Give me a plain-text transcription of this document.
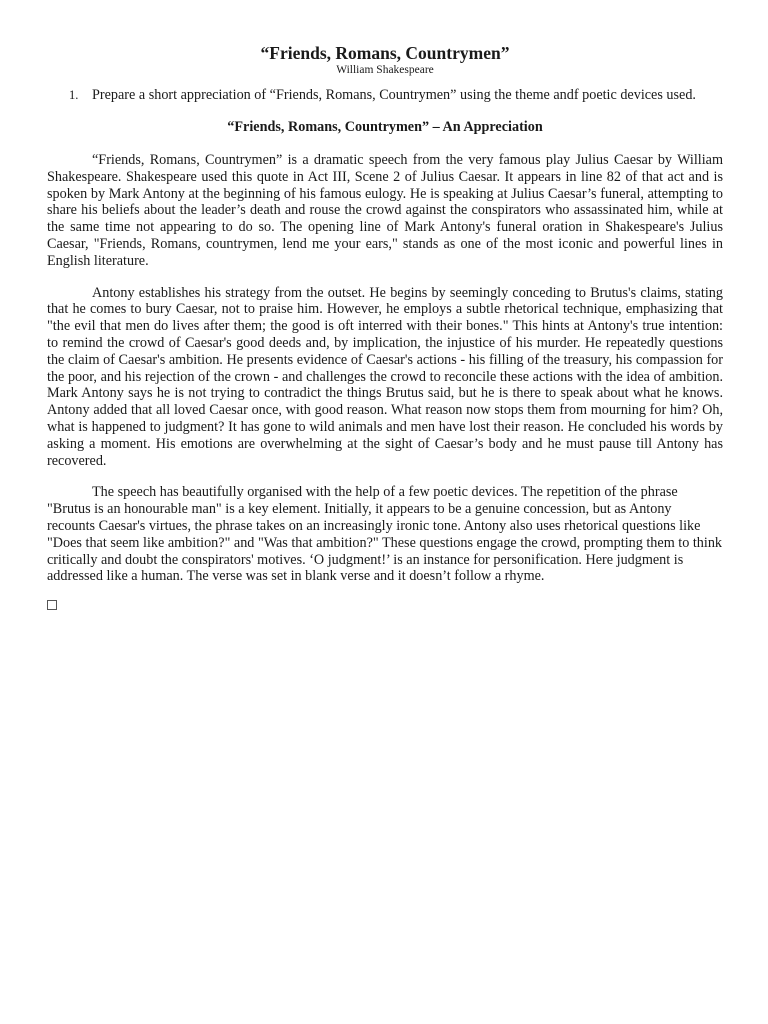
“Friends, Romans, Countrymen”
William Shakespeare
1. Prepare a short appreciation of “Friends, Romans, Countrymen” using the theme andf poetic devices used.
“Friends, Romans, Countrymen” – An Appreciation

“Friends, Romans, Countrymen” is a dramatic speech from the very famous play Julius Caesar by William Shakespeare. Shakespeare used this quote in Act III, Scene 2 of Julius Caesar. It appears in line 82 of that act and is spoken by Mark Antony at the beginning of his famous eulogy. He is speaking at Julius Caesar’s funeral, attempting to share his beliefs about the leader’s death and rouse the crowd against the conspirators who assassinated him, while at the same time not appearing to do so. The opening line of Mark Antony's funeral oration in Shakespeare's Julius Caesar, "Friends, Romans, countrymen, lend me your ears," stands as one of the most iconic and powerful lines in English literature.

Antony establishes his strategy from the outset. He begins by seemingly conceding to Brutus's claims, stating that he comes to bury Caesar, not to praise him. However, he employs a subtle rhetorical technique, emphasizing that "the evil that men do lives after them; the good is oft interred with their bones." This hints at Antony's true intention: to remind the crowd of Caesar's good deeds and, by implication, the injustice of his murder. He repeatedly questions the claim of Caesar's ambition. He presents evidence of Caesar's actions - his filling of the treasury, his compassion for the poor, and his rejection of the crown - and challenges the crowd to reconcile these actions with the idea of ambition. Mark Antony says he is not trying to contradict the things Brutus said, but he is there to speak about what he knows. Antony added that all loved Caesar once, with good reason. What reason now stops them from mourning for him? Oh, what is happened to judgment? It has gone to wild animals and men have lost their reason. He concluded his words by asking a moment. His emotions are overwhelming at the sight of Caesar’s body and he must pause till Antony has recovered.

The speech has beautifully organised with the help of a few poetic devices. The repetition of the phrase "Brutus is an honourable man" is a key element. Initially, it appears to be a genuine concession, but as Antony recounts Caesar's virtues, the phrase takes on an increasingly ironic tone. Antony also uses rhetorical questions like "Does that seem like ambition?" and "Was that ambition?" These questions engage the crowd, prompting them to think critically and doubt the conspirators' motives. ‘O judgment!’ is an instance for personification. Here judgment is addressed like a human. The verse was set in blank verse and it doesn’t follow a rhyme.
